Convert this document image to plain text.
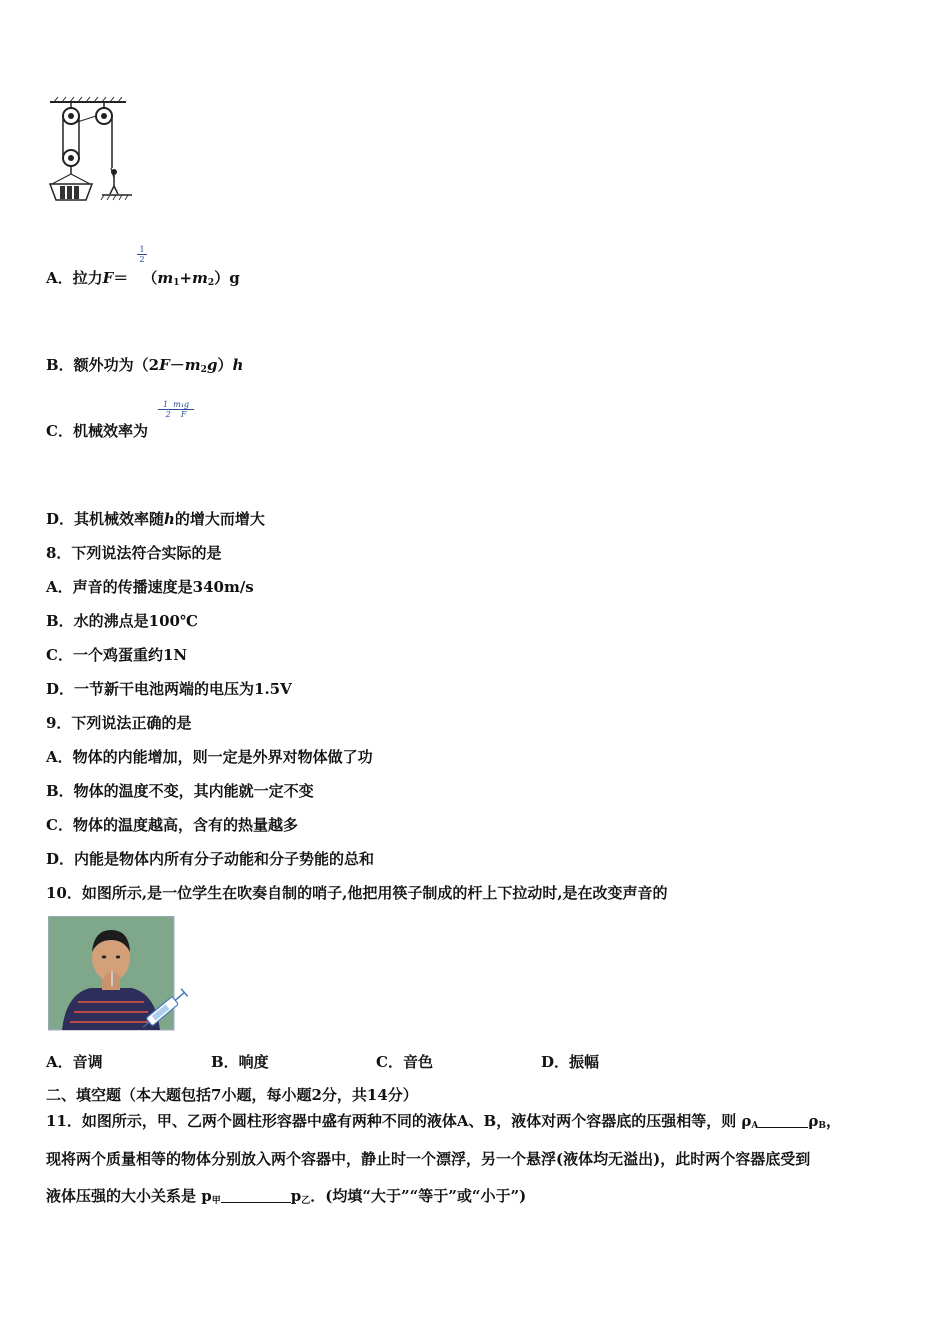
A．拉力$F= (m_1+m_2)g$
$\frac{1}{2}$
B．额外功为$(2F-m_2g)h$
C．机械效率为
$\frac{\text{1  m₁g}}{2 F}$
D．其机械效率随h的增大而增大
8．下列说法符合实际的是
A．声音的传播速度是340m/s
B．水的沸点是100℃
C．一个鸡蛋重约1N
D．一节新干电池两端的电压为1.5V
9．下列说法正确的是
A．物体的内能增加，则一定是外界对物体做了功
B．物体的温度不变，其内能就一定不变
C．物体的温度越高，含有的热量越多
D．内能是物体内所有分子动能和分子势能的总和
10．如图所示,是一位学生在吹奏自制的哨子,他把用筷子制成的杆上下拉动时,是在改变声音的
A．音调	B．响度	C．音色	D．振幅
二、填空题（本大题包括7小题，每小题2分，共14分）
11．如图所示，甲、乙两个圆柱形容器中盛有两种不同的液体A、B，液体对两个容器底的压强相等，则 $\rho_A$	$\rho_B$，
现将两个质量相等的物体分别放入两个容器中，静止时一个漂浮，另一个悬浮(液体均无溢出)，此时两个容器底受到
液体压强的大小关系是 $p_甲$	$p_乙$．(均填“大于”“等于”或“小于”)
